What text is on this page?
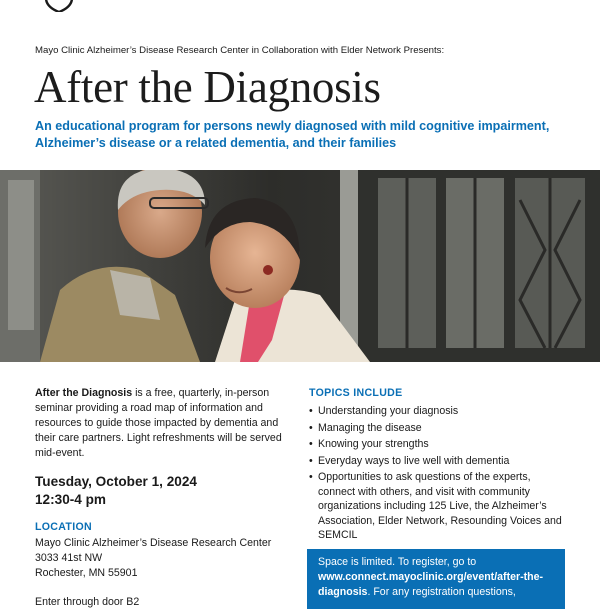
Mayo Clinic Alzheimer’s Disease Research Center in Collaboration with Elder Network Presents:
After the Diagnosis

An educational program for persons newly diagnosed with mild cognitive impairment, Alzheimer’s disease or a related dementia, and their families

After the Diagnosis is a free, quarterly, in-person seminar providing a road map of information and resources to guide those impacted by dementia and their care partners. Light refreshments will be served mid-event.

Tuesday, October 1, 2024

12:30-4 pm

LOCATION

Mayo Clinic Alzheimer’s Disease Research Center

3033 41st NW

Rochester, MN 55901

Enter through door B2

TOPICS INCLUDE

• Understanding your diagnosis
• Managing the disease
• Knowing your strengths
• Everyday ways to live well with dementia
• Opportunities to ask questions of the experts, connect with others, and visit with community organizations including 125 Live, the Alzheimer’s Association, Elder Network, Resounding Voices and SEMCIL
Space is limited. To register, go to www.connect.mayoclinic.org/event/after-the-diagnosis. For any registration questions,
